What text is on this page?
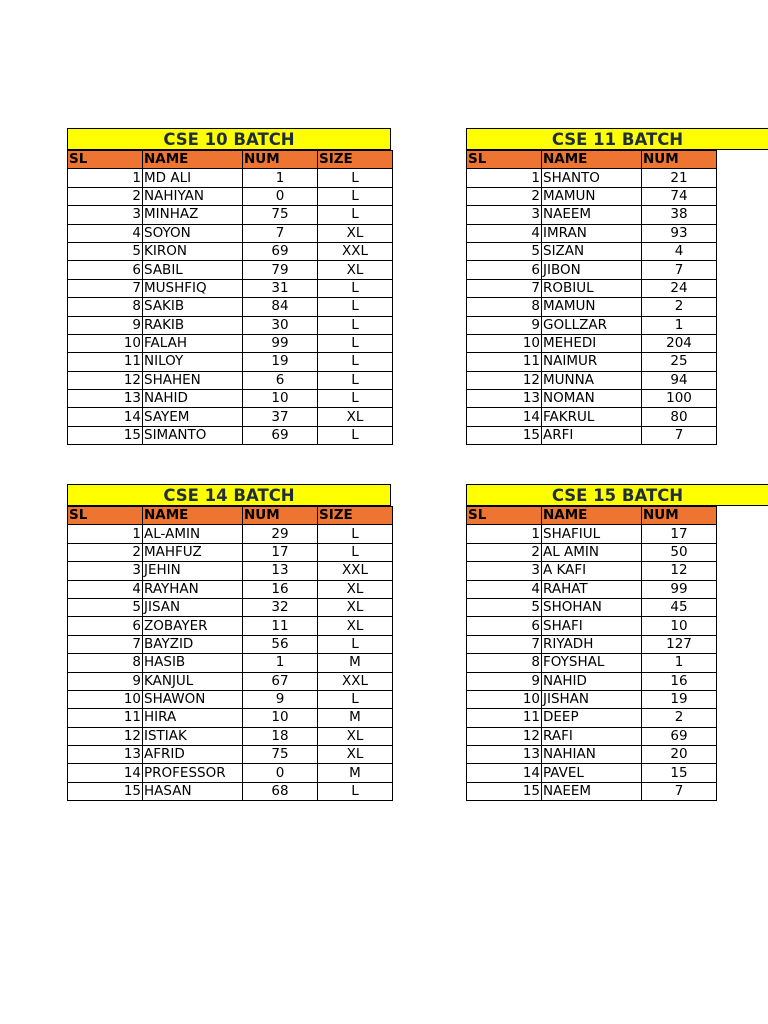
CSE 10 BATCH
SL	NAME	NUM	SIZE
1	MD ALI	1	L
2	NAHIYAN	0	L
3	MINHAZ	75	L
4	SOYON	7	XL
5	KIRON	69	XXL
6	SABIL	79	XL
7	MUSHFIQ	31	L
8	SAKIB	84	L
9	RAKIB	30	L
10	FALAH	99	L
11	NILOY	19	L
12	SHAHEN	6	L
13	NAHID	10	L
14	SAYEM	37	XL
15	SIMANTO	69	L
CSE 11 BATCH
SL	NAME	NUM
1	SHANTO	21
2	MAMUN	74
3	NAEEM	38
4	IMRAN	93
5	SIZAN	4
6	JIBON	7
7	ROBIUL	24
8	MAMUN	2
9	GOLLZAR	1
10	MEHEDI	204
11	NAIMUR	25
12	MUNNA	94
13	NOMAN	100
14	FAKRUL	80
15	ARFI	7
CSE 14 BATCH
SL	NAME	NUM	SIZE
1	AL-AMIN	29	L
2	MAHFUZ	17	L
3	JEHIN	13	XXL
4	RAYHAN	16	XL
5	JISAN	32	XL
6	ZOBAYER	11	XL
7	BAYZID	56	L
8	HASIB	1	M
9	KANJUL	67	XXL
10	SHAWON	9	L
11	HIRA	10	M
12	ISTIAK	18	XL
13	AFRID	75	XL
14	PROFESSOR	0	M
15	HASAN	68	L
CSE 15 BATCH
SL	NAME	NUM
1	SHAFIUL	17
2	AL AMIN	50
3	A KAFI	12
4	RAHAT	99
5	SHOHAN	45
6	SHAFI	10
7	RIYADH	127
8	FOYSHAL	1
9	NAHID	16
10	JISHAN	19
11	DEEP	2
12	RAFI	69
13	NAHIAN	20
14	PAVEL	15
15	NAEEM	7
